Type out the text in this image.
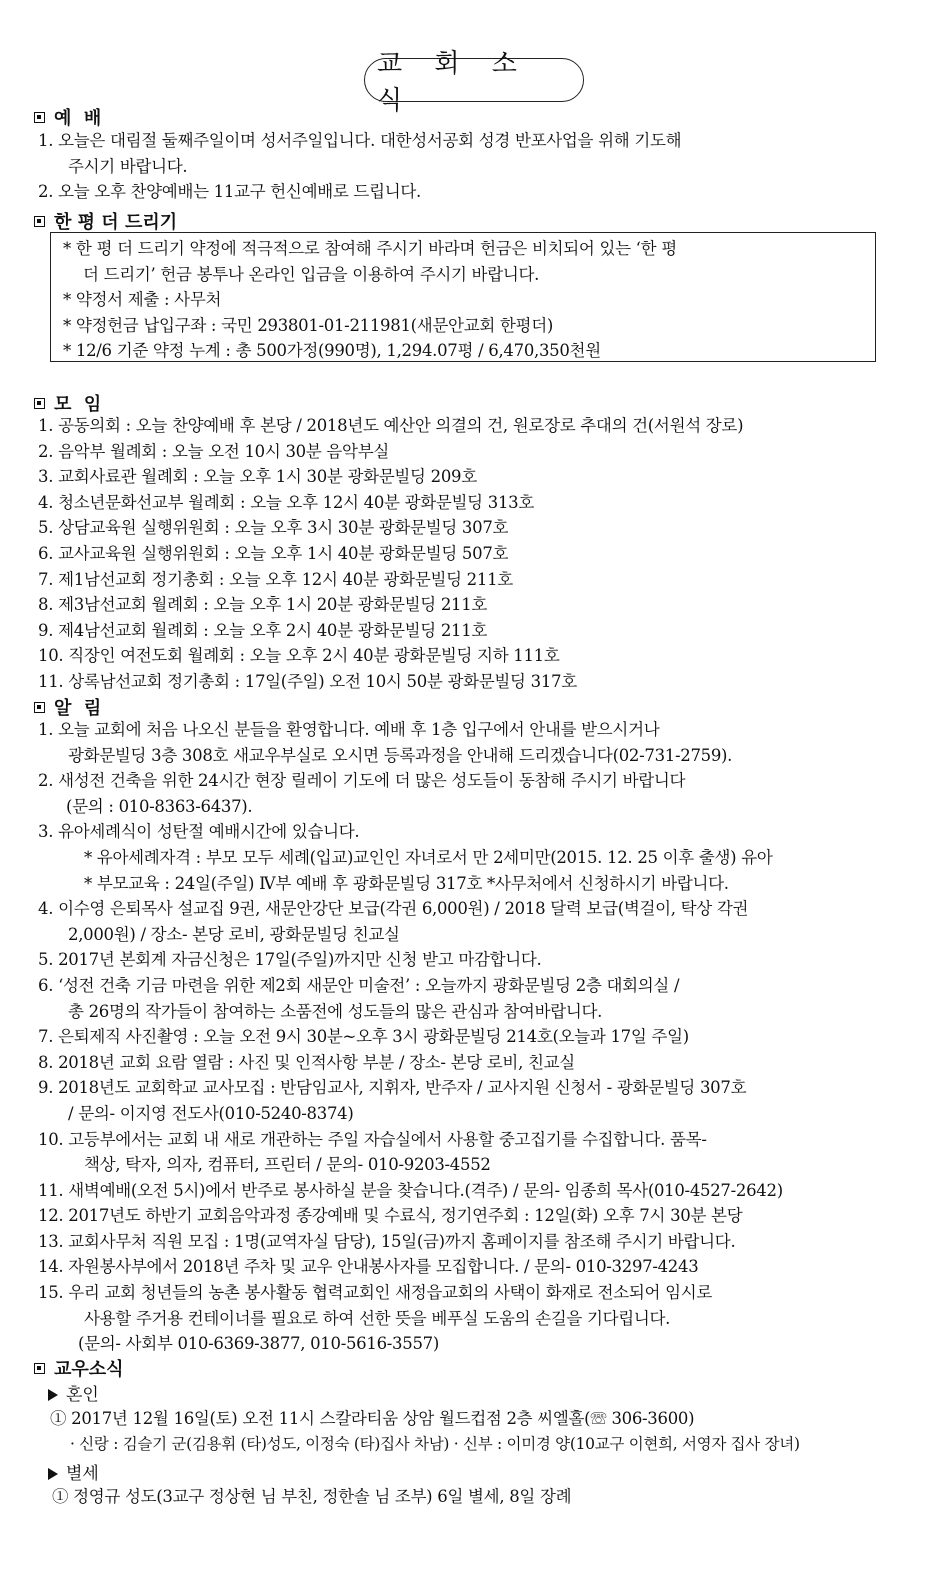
교 회 소 식
예  배
1. 오늘은 대림절 둘째주일이며 성서주일입니다. 대한성서공회 성경 반포사업을 위해 기도해
주시기 바랍니다.
2. 오늘 오후 찬양예배는 11교구 헌신예배로 드립니다.
한 평 더 드리기
* 한 평 더 드리기 약정에 적극적으로 참여해 주시기 바라며 헌금은 비치되어 있는 ‘한 평
더 드리기’ 헌금 봉투나 온라인 입금을 이용하여 주시기 바랍니다.
* 약정서 제출 : 사무처
* 약정헌금 납입구좌 : 국민 293801-01-211981(새문안교회 한평더)
* 12/6 기준 약정 누계 : 총 500가정(990명), 1,294.07평 / 6,470,350천원
모  임
1. 공동의회 : 오늘 찬양예배 후 본당 / 2018년도 예산안 의결의 건, 원로장로 추대의 건(서원석 장로)
2. 음악부 월례회 : 오늘 오전 10시 30분 음악부실
3. 교회사료관 월례회 : 오늘 오후 1시 30분 광화문빌딩 209호
4. 청소년문화선교부 월례회 : 오늘 오후 12시 40분 광화문빌딩 313호
5. 상담교육원 실행위원회 : 오늘 오후 3시 30분 광화문빌딩 307호
6. 교사교육원 실행위원회 : 오늘 오후 1시 40분 광화문빌딩 507호
7. 제1남선교회 정기총회 : 오늘 오후 12시 40분 광화문빌딩 211호
8. 제3남선교회 월례회 : 오늘 오후 1시 20분 광화문빌딩 211호
9. 제4남선교회 월례회 : 오늘 오후 2시 40분 광화문빌딩 211호
10. 직장인 여전도회 월례회 : 오늘 오후 2시 40분 광화문빌딩 지하 111호
11. 상록남선교회 정기총회 : 17일(주일) 오전 10시 50분 광화문빌딩 317호
알  림
1. 오늘 교회에 처음 나오신 분들을 환영합니다. 예배 후 1층 입구에서 안내를 받으시거나
광화문빌딩 3층 308호 새교우부실로 오시면 등록과정을 안내해 드리겠습니다(02-731-2759).
2. 새성전 건축을 위한 24시간 현장 릴레이 기도에 더 많은 성도들이 동참해 주시기 바랍니다
(문의 : 010-8363-6437).
3. 유아세례식이 성탄절 예배시간에 있습니다.
* 유아세례자격 : 부모 모두 세례(입교)교인인 자녀로서 만 2세미만(2015. 12. 25 이후 출생) 유아
* 부모교육 : 24일(주일) Ⅳ부 예배 후 광화문빌딩 317호 *사무처에서 신청하시기 바랍니다.
4. 이수영 은퇴목사 설교집 9권, 새문안강단 보급(각권 6,000원) / 2018 달력 보급(벽걸이, 탁상 각권
2,000원) / 장소- 본당 로비, 광화문빌딩 친교실
5. 2017년 본회계 자금신청은 17일(주일)까지만 신청 받고 마감합니다.
6. ‘성전 건축 기금 마련을 위한 제2회 새문안 미술전’ : 오늘까지 광화문빌딩 2층 대회의실 /
총 26명의 작가들이 참여하는 소품전에 성도들의 많은 관심과 참여바랍니다.
7. 은퇴제직 사진촬영 : 오늘 오전 9시 30분~오후 3시 광화문빌딩 214호(오늘과 17일 주일)
8. 2018년 교회 요람 열람 : 사진 및 인적사항 부분 / 장소- 본당 로비, 친교실
9. 2018년도 교회학교 교사모집 : 반담임교사, 지휘자, 반주자 / 교사지원 신청서 - 광화문빌딩 307호
/ 문의- 이지영 전도사(010-5240-8374)
10. 고등부에서는 교회 내 새로 개관하는 주일 자습실에서 사용할 중고집기를 수집합니다. 품목-
책상, 탁자, 의자, 컴퓨터, 프린터 / 문의- 010-9203-4552
11. 새벽예배(오전 5시)에서 반주로 봉사하실 분을 찾습니다.(격주) / 문의- 임종희 목사(010-4527-2642)
12. 2017년도 하반기 교회음악과정 종강예배 및 수료식, 정기연주회 : 12일(화) 오후 7시 30분 본당
13. 교회사무처 직원 모집 : 1명(교역자실 담당), 15일(금)까지 홈페이지를 참조해 주시기 바랍니다.
14. 자원봉사부에서 2018년 주차 및 교우 안내봉사자를 모집합니다. / 문의- 010-3297-4243
15. 우리 교회 청년들의 농촌 봉사활동 협력교회인 새정읍교회의 사택이 화재로 전소되어 임시로
사용할 주거용 컨테이너를 필요로 하여 선한 뜻을 베푸실 도움의 손길을 기다립니다.
(문의- 사회부 010-6369-3877, 010-5616-3557)
교우소식
혼인
① 2017년 12월 16일(토) 오전 11시 스칼라티움 상암 월드컵점 2층 씨엘홀(☏ 306-3600)
· 신랑 : 김슬기 군(김용휘 (타)성도, 이정숙 (타)집사 차남) · 신부 : 이미경 양(10교구 이현희, 서영자 집사 장녀)
별세
① 정영규 성도(3교구 정상현 님 부친, 정한솔 님 조부) 6일 별세, 8일 장례
